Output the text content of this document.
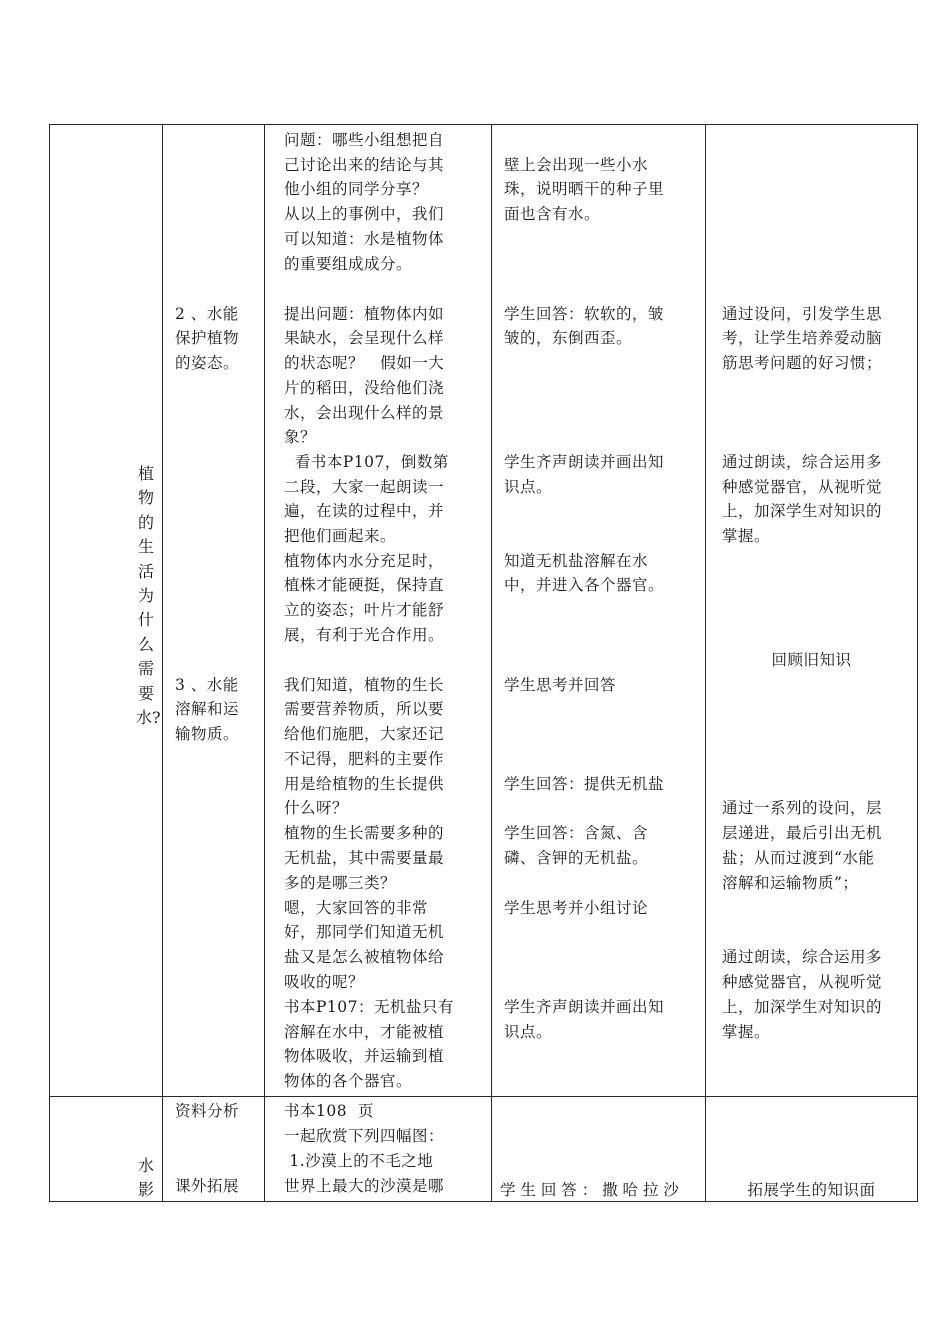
植物的生活为什么需要水?
水影
问题：哪些小组想把自
己讨论出来的结论与其
他小组的同学分享？
从以上的事例中，我们
可以知道：水是植物体
的重要组成成分。
壁上会出现一些小水
珠，说明晒干的种子里
面也含有水。
2 、水能
保护植物
的姿态。
提出问题：植物体内如
果缺水，会呈现什么样
的状态呢？   假如一大
片的稻田，没给他们浇
水，会出现什么样的景
象？
学生回答：软软的，皱
皱的，东倒西歪。
通过设问，引发学生思
考，让学生培养爱动脑
筋思考问题的好习惯；
看书本P107，倒数第
二段，大家一起朗读一
遍，在读的过程中，并
把他们画起来。
学生齐声朗读并画出知
识点。
通过朗读，综合运用多
种感觉器官，从视听觉
上，加深学生对知识的
掌握。
植物体内水分充足时，
植株才能硬挺，保持直
立的姿态；叶片才能舒
展，有利于光合作用。
知道无机盐溶解在水
中，并进入各个器官。
回顾旧知识
3 、水能
溶解和运
输物质。
我们知道，植物的生长
需要营养物质，所以要
给他们施肥，大家还记
不记得，肥料的主要作
用是给植物的生长提供
什么呀？
植物的生长需要多种的
无机盐，其中需要量最
多的是哪三类？
嗯，大家回答的非常
好，那同学们知道无机
盐又是怎么被植物体给
吸收的呢？
书本P107：无机盐只有
溶解在水中，才能被植
物体吸收，并运输到植
物体的各个器官。
学生思考并回答
学生回答：提供无机盐
学生回答：含氮、含
磷、含钾的无机盐。
学生思考并小组讨论
学生齐声朗读并画出知
识点。
通过一系列的设问，层
层递进，最后引出无机
盐；从而过渡到“水能
溶解和运输物质”；
通过朗读，综合运用多
种感觉器官，从视听觉
上，加深学生对知识的
掌握。
资料分析
课外拓展
书本108  页
一起欣赏下列四幅图：
1.沙漠上的不毛之地
世界上最大的沙漠是哪	学 生 回 答 ： 撒 哈 拉 沙	拓展学生的知识面
